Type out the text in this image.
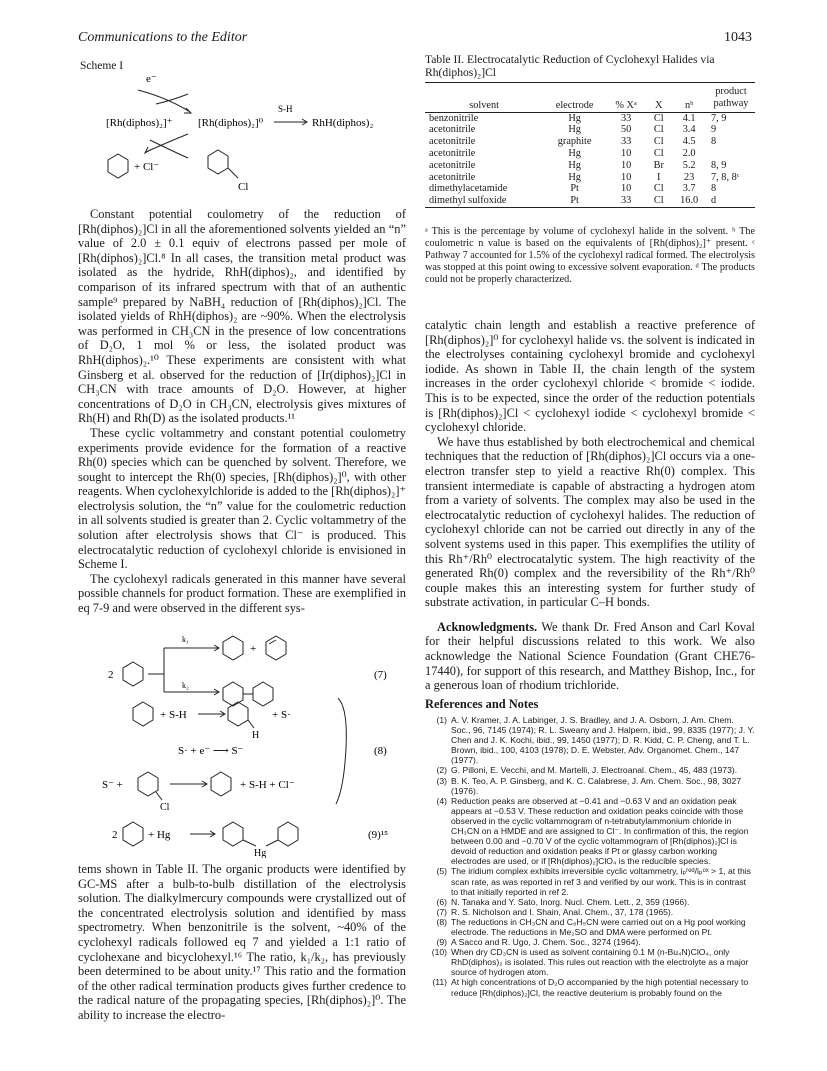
Communications to the Editor	1043
Scheme I
e⁻
[Rh(diphos)₂]⁺ [Rh(diphos)₂]⁰
S-H
RhH(diphos)₂
+ Cl⁻
Cl

Constant potential coulometry of the reduction of [Rh(diphos)₂]Cl in all the aforementioned solvents yielded an “n” value of 2.0 ± 0.1 equiv of electrons passed per mole of [Rh(diphos)₂]Cl.⁸ In all cases, the transition metal product was isolated as the hydride, RhH(diphos)₂, and identified by comparison of its infrared spectrum with that of an authentic sample⁹ prepared by NaBH₄ reduction of [Rh(diphos)₂]Cl. The isolated yields of RhH(diphos)₂ are ~90%. When the electrolysis was performed in CH₃CN in the presence of low concentrations of D₂O, 1 mol % or less, the isolated product was RhH(diphos)₂.¹⁰ These experiments are consistent with what Ginsberg et al. observed for the reduction of [Ir(diphos)₂]Cl in CH₃CN with trace amounts of D₂O. However, at higher concentrations of D₂O in CH₃CN, electrolysis gives mixtures of Rh(H) and Rh(D) as the isolated products.¹¹

These cyclic voltammetry and constant potential coulometry experiments provide evidence for the formation of a reactive Rh(0) species which can be quenched by solvent. Therefore, we sought to intercept the Rh(0) species, [Rh(diphos)₂]⁰, with other reagents. When cyclohexylchloride is added to the [Rh(diphos)₂]⁺ electrolysis solution, the “n” value for the coulometric reduction in all solvents studied is greater than 2. Cyclic voltammetry of the solution after electrolysis shows that Cl⁻ is produced. This electrocatalytic reduction of cyclohexyl chloride is envisioned in Scheme I.

The cyclohexyl radicals generated in this manner have several possible channels for product formation. These are exemplified in eq 7-9 and were observed in the different sys-

2
k₁
k₂
+
(7)
+ S-H
H
+ S·
S· + e⁻ ⟶ S⁻
S⁻ +
Cl
+ S-H + Cl⁻
(8)
2	+ Hg
Hg
(9)¹⁵

tems shown in Table II. The organic products were identified by GC-MS after a bulb-to-bulb distillation of the electrolysis solution. The dialkylmercury compounds were crystallized out of the concentrated electrolysis solution and identified by mass spectrometry. When benzonitrile is the solvent, ~40% of the cyclohexyl radicals followed eq 7 and yielded a 1:1 ratio of cyclohexane and bicyclohexyl.¹⁶ The ratio, k₁/k₂, has previously been determined to be about unity.¹⁷ This ratio and the formation of the other radical termination products gives further credence to the radical nature of the propagating species, [Rh(diphos)₂]⁰. The ability to increase the electro-

Table II. Electrocatalytic Reduction of Cyclohexyl Halides via Rh(diphos)₂]Cl
solvent	electrode	% Xᵃ	X	nᵇ	product pathway
benzonitrile	Hg	33	Cl	4.1	7, 9
acetonitrile	Hg	50	Cl	3.4	9
acetonitrile	graphite	33	Cl	4.5	8
acetonitrile	Hg	10	Cl	2.0	
acetonitrile	Hg	10	Br	5.2	8, 9
acetonitrile	Hg	10	I	23	7, 8, 8ᶜ
dimethylacetamide	Pt	10	Cl	3.7	8
dimethyl sulfoxide	Pt	33	Cl	16.0	d
ᵃ This is the percentage by volume of cyclohexyl halide in the solvent. ᵇ The coulometric n value is based on the equivalents of [Rh(diphos)₂]⁺ present. ᶜ Pathway 7 accounted for 1.5% of the cyclohexyl radical formed. The electrolysis was stopped at this point owing to excessive solvent evaporation. ᵈ The products could not be properly characterized.

catalytic chain length and establish a reactive preference of [Rh(diphos)₂]⁰ for cyclohexyl halide vs. the solvent is indicated in the electrolyses containing cyclohexyl bromide and cyclohexyl iodide. As shown in Table II, the chain length of the system increases in the order cyclohexyl chloride < bromide < iodide. This is to be expected, since the order of the reduction potentials is [Rh(diphos)₂]Cl < cyclohexyl iodide < cyclohexyl bromide < cyclohexyl chloride.

We have thus established by both electrochemical and chemical techniques that the reduction of [Rh(diphos)₂]Cl occurs via a one-electron transfer step to yield a reactive Rh(0) complex. This transient intermediate is capable of abstracting a hydrogen atom from a variety of solvents. The complex may also be used in the electrocatalytic reduction of cyclohexyl halides. The reduction of cyclohexyl chloride can not be carried out directly in any of the solvent systems used in this paper. This exemplifies the utility of this Rh⁺/Rh⁰ electrocatalytic system. The high reactivity of the generated Rh(0) complex and the reversibility of the Rh⁺/Rh⁰ couple makes this an interesting system for further study of substrate activation, in particular C–H bonds.

Acknowledgments. We thank Dr. Fred Anson and Carl Koval for their helpful discussions related to this work. We also acknowledge the National Science Foundation (Grant CHE76-17440), for support of this research, and Matthey Bishop, Inc., for a generous loan of rhodium trichloride.

References and Notes
(1) A. V. Kramer, J. A. Labinger, J. S. Bradley, and J. A. Osborn, J. Am. Chem. Soc., 96, 7145 (1974); R. L. Sweany and J. Halpern, ibid., 99, 8335 (1977); J. Y. Chen and J. K. Kochi, ibid., 99, 1450 (1977); D. R. Kidd, C. P. Cheng, and T. L. Brown, ibid., 100, 4103 (1978); D. E. Webster, Adv. Organomet. Chem., 147 (1977).
(2) G. Pilloni, E. Vecchi, and M. Martelli, J. Electroanal. Chem., 45, 483 (1973).
(3) B. K. Teo, A. P. Ginsberg, and K. C. Calabrese, J. Am. Chem. Soc., 98, 3027 (1976).
(4) Reduction peaks are observed at −0.41 and −0.63 V and an oxidation peak appears at −0.53 V. These reduction and oxidation peaks coincide with those observed in the cyclic voltammogram of n-tetrabutylammonium chloride in CH₃CN on a HMDE and are assigned to Cl⁻. In confirmation of this, the region between 0.00 and −0.70 V of the cyclic voltammogram of [Rh(diphos)₂]Cl is devoid of reduction and oxidation peaks if Pt or glassy carbon working electrodes are used, or if [Rh(diphos)₂]ClO₄ is the reducible species.
(5) The iridium complex exhibits irreversible cyclic voltammetry, iₚʳᵉᵈ/iₚᵒˣ > 1, at this scan rate, as was reported in ref 3 and verified by our work. This is in contrast to that initially reported in ref 2.
(6) N. Tanaka and Y. Sato, Inorg. Nucl. Chem. Lett., 2, 359 (1966).
(7) R. S. Nicholson and I. Shain, Anal. Chem., 37, 178 (1965).
(8) The reductions in CH₃CN and C₆H₅CN were carried out on a Hg pool working electrode. The reductions in Me₂SO and DMA were performed on Pt.
(9) A Sacco and R. Ugo, J. Chem. Soc., 3274 (1964).
(10) When dry CD₃CN is used as solvent containing 0.1 M (n-Bu₄N)ClO₄, only RhD(diphos)₂ is isolated. This rules out reaction with the electrolyte as a major source of hydrogen atom.
(11) At high concentrations of D₂O accompanied by the high potential necessary to reduce [Rh(diphos)₂]Cl, the reactive deuterium is probably found on the
